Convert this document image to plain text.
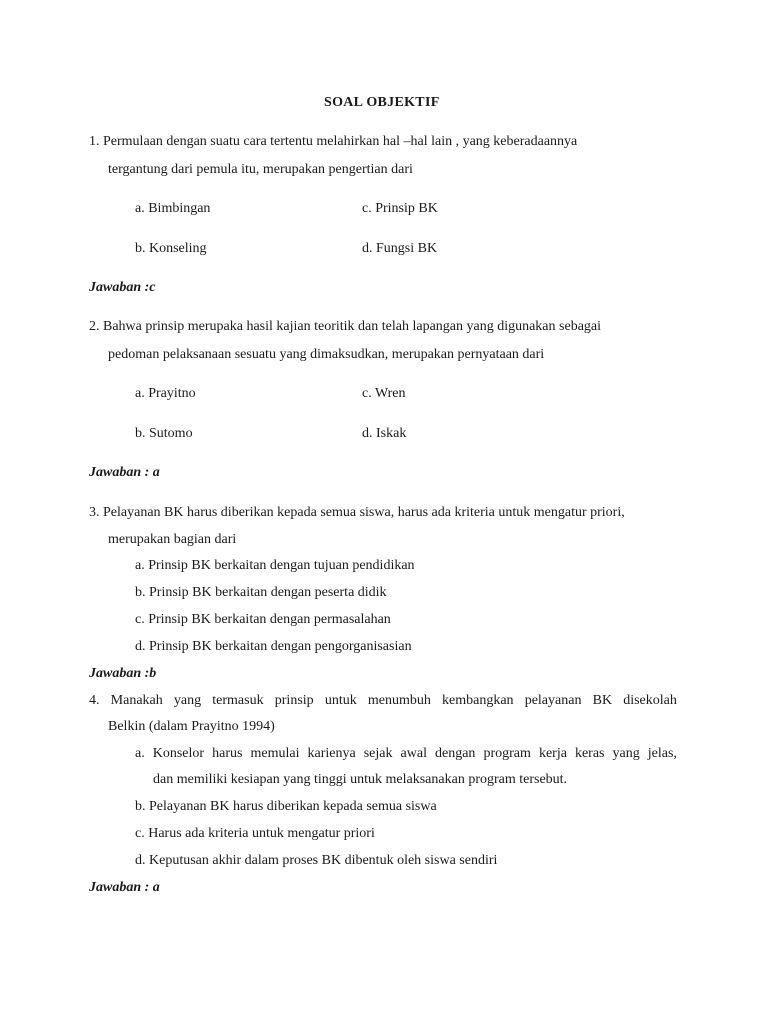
SOAL OBJEKTIF
1. Permulaan dengan suatu cara tertentu melahirkan hal –hal lain , yang keberadaannya
tergantung dari pemula itu, merupakan pengertian dari
a. Bimbingan	c. Prinsip BK
b. Konseling	d. Fungsi BK
Jawaban :c
2. Bahwa prinsip merupaka hasil kajian teoritik dan telah lapangan yang digunakan sebagai
pedoman pelaksanaan sesuatu yang dimaksudkan, merupakan pernyataan dari
a. Prayitno	c. Wren
b. Sutomo	d. Iskak
Jawaban : a
3. Pelayanan BK harus diberikan kepada semua siswa, harus ada kriteria untuk mengatur priori,
merupakan bagian dari
a. Prinsip BK berkaitan dengan tujuan pendidikan
b. Prinsip BK berkaitan dengan peserta didik
c. Prinsip BK berkaitan dengan permasalahan
d. Prinsip BK berkaitan dengan pengorganisasian
Jawaban :b
4. Manakah yang termasuk prinsip untuk menumbuh kembangkan pelayanan BK disekolah
Belkin (dalam Prayitno 1994)
a. Konselor harus memulai karienya sejak awal dengan program kerja keras yang jelas,
dan memiliki kesiapan yang tinggi untuk melaksanakan program tersebut.
b. Pelayanan BK harus diberikan kepada semua siswa
c. Harus ada kriteria untuk mengatur priori
d. Keputusan akhir dalam proses BK dibentuk oleh siswa sendiri
Jawaban : a
